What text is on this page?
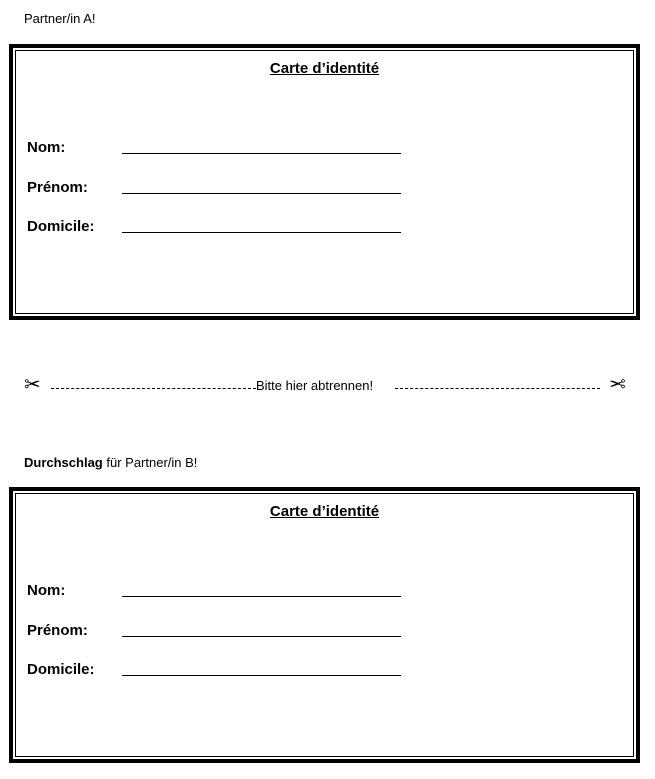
Partner/in A!
Carte d’identité
Nom:
Prénom:
Domicile:
✂	Bitte hier abtrennen!	✂
Durchschlag für Partner/in B!
Carte d’identité
Nom:
Prénom:
Domicile:
